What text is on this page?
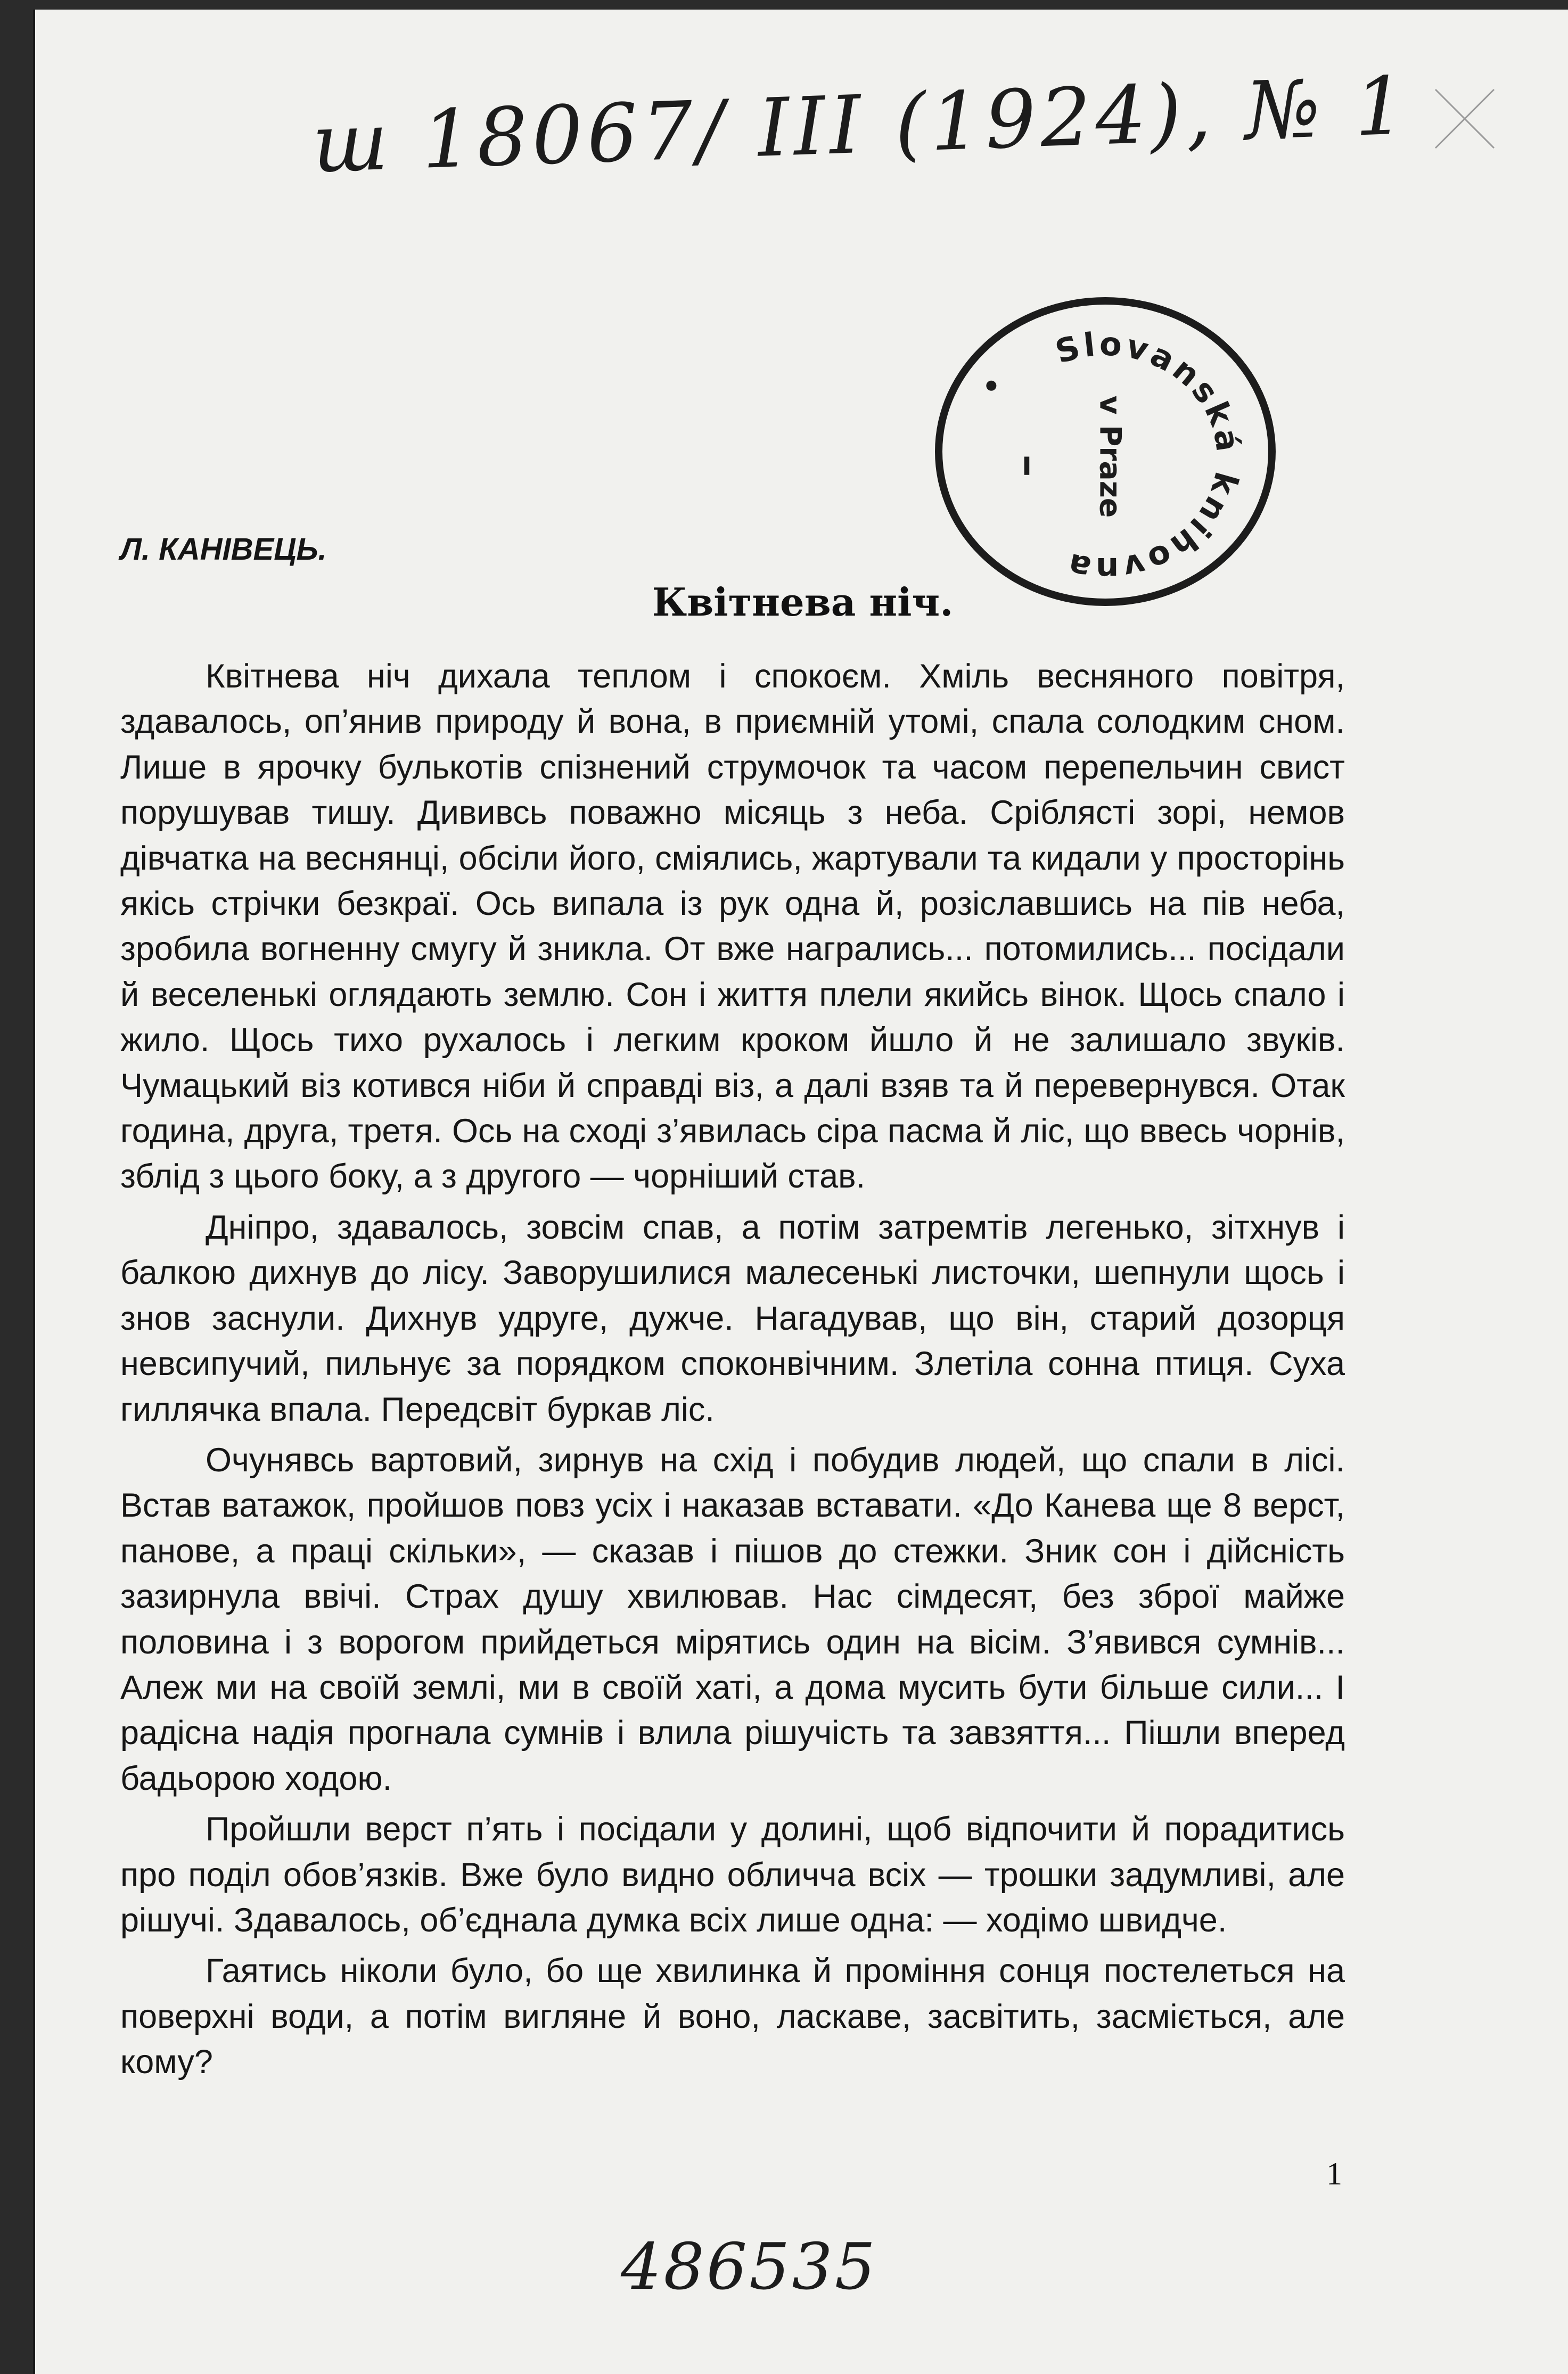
ш 18067/ III (1924), № 1
Slovanská knihovna
v Praze
Л. КАНІВЕЦЬ.
Квітнева ніч.

Квітнева ніч дихала теплом і спокоєм. Хміль весняного повітря, здавалось, оп’янив природу й вона, в приємній утомі, спала солодким сном. Лише в ярочку булькотів спізнений струмочок та часом перепельчин свист порушував тишу. Дививсь поважно місяць з неба. Сріблясті зорі, немов дівчатка на веснянці, обсіли його, сміялись, жартували та кидали у просторінь якісь стрічки безкраї. Ось випала із рук одна й, розіславшись на пів неба, зробила вогненну смугу й зникла. От вже награлись... потомились... посідали й веселенькі оглядають землю. Сон і життя плели якийсь вінок. Щось спало і жило. Щось тихо рухалось і легким кроком йшло й не залишало звуків. Чумацький віз котився ніби й справді віз, а далі взяв та й перевернувся. Отак година, друга, третя. Ось на сході з’явилась сіра пасма й ліс, що ввесь чорнів, зблід з цього боку, а з другого — чорніший став.

Дніпро, здавалось, зовсім спав, а потім затремтів легенько, зітхнув і балкою дихнув до лісу. Заворушилися малесенькі листочки, шепнули щось і знов заснули. Дихнув удруге, дужче. Нагадував, що він, старий дозорця невсипучий, пильнує за порядком споконвічним. Злетіла сонна птиця. Суха гиллячка впала. Передсвіт буркав ліс.

Очунявсь вартовий, зирнув на схід і побудив людей, що спали в лісі. Встав ватажок, пройшов повз усіх і наказав вставати. «До Канева ще 8 верст, панове, а праці скільки», — сказав і пішов до стежки. Зник сон і дійсність зазирнула ввічі. Страх душу хвилював. Нас сімдесят, без зброї майже половина і з ворогом прийдеться мірятись один на вісім. З’явився сумнів... Алеж ми на своїй землі, ми в своїй хаті, а дома мусить бути більше сили... І радісна надія прогнала сумнів і влила рішучість та завзяття... Пішли вперед бадьорою ходою.

Пройшли верст п’ять і посідали у долині, щоб відпочити й порадитись про поділ обов’язків. Вже було видно обличча всіх — трошки задумливі, але рішучі. Здавалось, об’єднала думка всіх лише одна: — ходімо швидче.

Гаятись ніколи було, бо ще хвилинка й проміння сонця постелеться на поверхні води, а потім вигляне й воно, ласкаве, засвітить, засміється, але кому?

1
486535
